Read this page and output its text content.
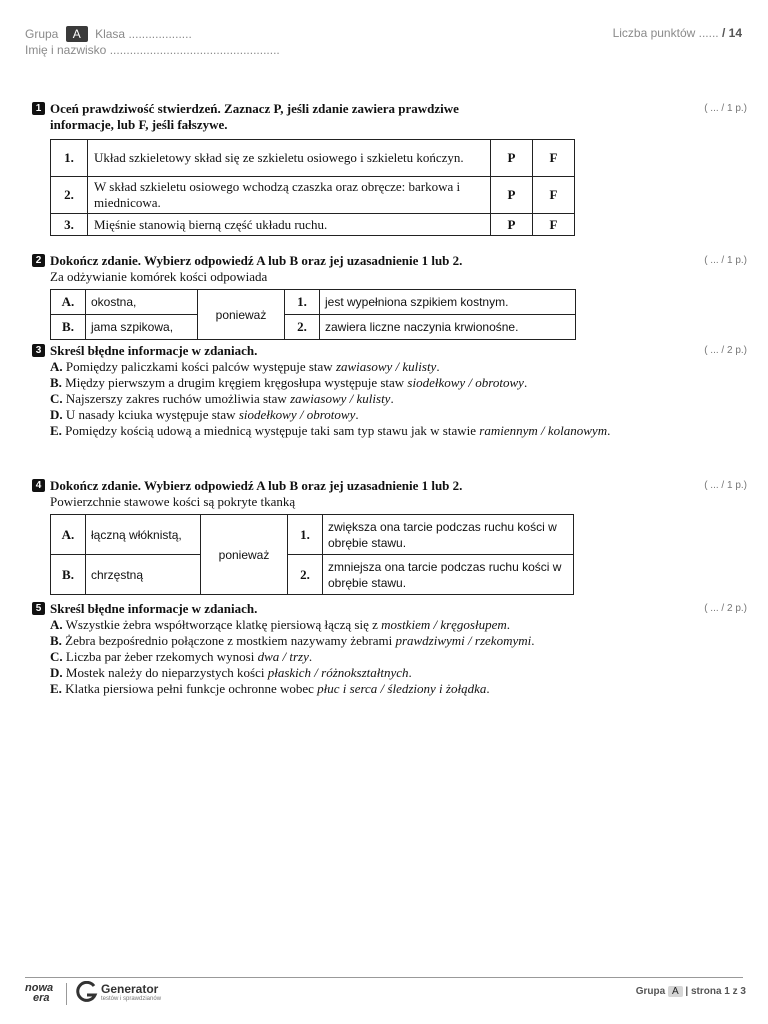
Grupa A Klasa ...................
Imię i nazwisko ...................................................
Liczba punktów ...... / 14
1 Oceń prawdziwość stwierdzeń. Zaznacz P, jeśli zdanie zawiera prawdziwe informacje, lub F, jeśli fałszywe.
( ... / 1 p.)
1.	Układ szkieletowy skład się ze szkieletu osiowego i szkieletu kończyn.	P	F
2.	W skład szkieletu osiowego wchodzą czaszka oraz obręcze: barkowa i miednicowa.	P	F
3.	Mięśnie stanowią bierną część układu ruchu.	P	F
2 Dokończ zdanie. Wybierz odpowiedź A lub B oraz jej uzasadnienie 1 lub 2.	( ... / 1 p.)
Za odżywianie komórek kości odpowiada
A.	okostna,	ponieważ	1.	jest wypełniona szpikiem kostnym.
B.	jama szpikowa,		2.	zawiera liczne naczynia krwionośne.
3 Skreśl błędne informacje w zdaniach.	( ... / 2 p.)
A. Pomiędzy paliczkami kości palców występuje staw zawiasowy / kulisty.
B. Między pierwszym a drugim kręgiem kręgosłupa występuje staw siodełkowy / obrotowy.
C. Najszerszy zakres ruchów umożliwia staw zawiasowy / kulisty.
D. U nasady kciuka występuje staw siodełkowy / obrotowy.
E. Pomiędzy kością udową a miednicą występuje taki sam typ stawu jak w stawie ramiennym / kolanowym.
4 Dokończ zdanie. Wybierz odpowiedź A lub B oraz jej uzasadnienie 1 lub 2.	( ... / 1 p.)
Powierzchnie stawowe kości są pokryte tkanką
A.	łączną włóknistą,	ponieważ	1.	zwiększa ona tarcie podczas ruchu kości w obrębie stawu.
B.	chrzęstną		2.	zmniejsza ona tarcie podczas ruchu kości w obrębie stawu.
5 Skreśl błędne informacje w zdaniach.	( ... / 2 p.)
A. Wszystkie żebra współtworzące klatkę piersiową łączą się z mostkiem / kręgosłupem.
B. Żebra bezpośrednio połączone z mostkiem nazywamy żebrami prawdziwymi / rzekomymi.
C. Liczba par żeber rzekomych wynosi dwa / trzy.
D. Mostek należy do nieparzystych kości płaskich / różnokształtnych.
E. Klatka piersiowa pełni funkcje ochronne wobec płuc i serca / śledziony i żołądka.
nowa
era
Generator
testów i sprawdzianów
Grupa A | strona 1 z 3
